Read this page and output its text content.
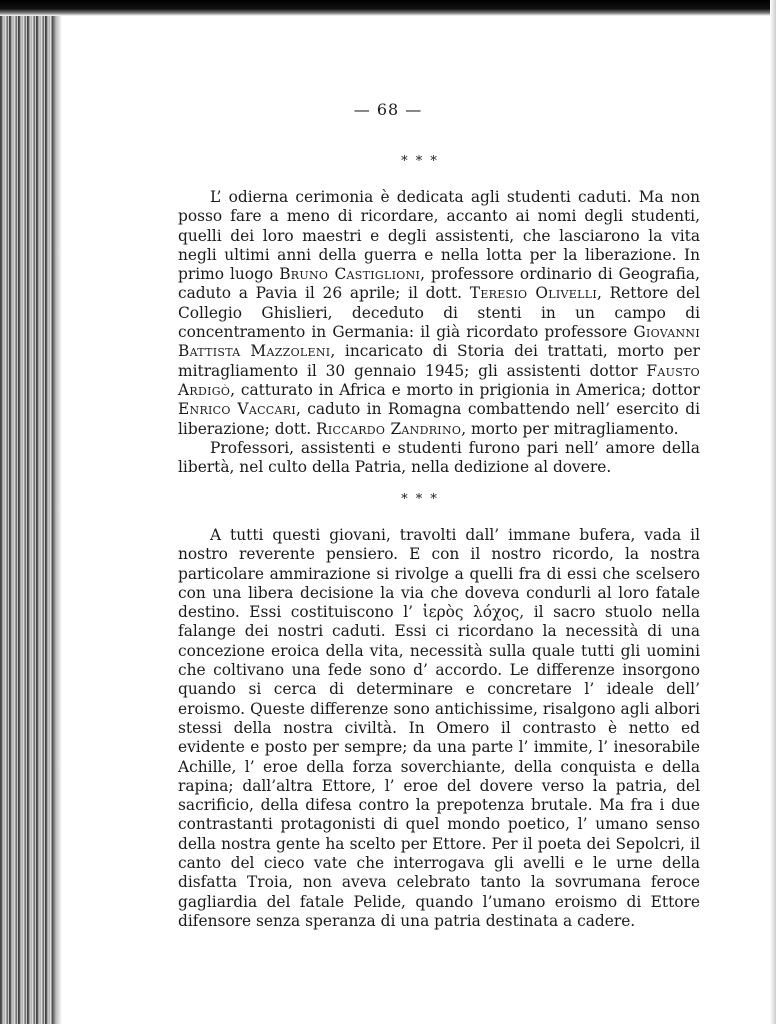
— 68 —
* * *

L’ odierna cerimonia è dedicata agli studenti caduti. Ma non posso fare a meno di ricordare, accanto ai nomi degli studenti, quelli dei loro maestri e degli assistenti, che lasciarono la vita negli ultimi anni della guerra e nella lotta per la liberazione. In primo luogo Bruno Castiglioni, professore ordinario di Geografia, caduto a Pavia il 26 aprile; il dott. Teresio Olivelli, Rettore del Collegio Ghislieri, deceduto di stenti in un campo di concentramento in Germania: il già ricordato professore Giovanni Battista Mazzoleni, incaricato di Storia dei trattati, morto per mitragliamento il 30 gennaio 1945; gli assistenti dottor Fausto Ardigò, catturato in Africa e morto in prigionia in America; dottor Enrico Vaccari, caduto in Romagna combattendo nell’ esercito di liberazione; dott. Riccardo Zandrino, morto per mitragliamento.

Professori, assistenti e studenti furono pari nell’ amore della libertà, nel culto della Patria, nella dedizione al dovere.

* * *

A tutti questi giovani, travolti dall’ immane bufera, vada il nostro reverente pensiero. E con il nostro ricordo, la nostra particolare ammirazione si rivolge a quelli fra di essi che scelsero con una libera decisione la via che doveva condurli al loro fatale destino. Essi costituiscono l’ ἱερὸς λόχος, il sacro stuolo nella falange dei nostri caduti. Essi ci ricordano la necessità di una concezione eroica della vita, necessità sulla quale tutti gli uomini che coltivano una fede sono d’ accordo. Le differenze insorgono quando si cerca di determinare e concretare l’ ideale dell’ eroismo. Queste differenze sono antichissime, risalgono agli albori stessi della nostra civiltà. In Omero il contrasto è netto ed evidente e posto per sempre; da una parte l’ immite, l’ inesorabile Achille, l’ eroe della forza soverchiante, della conquista e della rapina; dall’altra Ettore, l’ eroe del dovere verso la patria, del sacrificio, della difesa contro la prepotenza brutale. Ma fra i due contrastanti protagonisti di quel mondo poetico, l’ umano senso della nostra gente ha scelto per Ettore. Per il poeta dei Sepolcri, il canto del cieco vate che interrogava gli avelli e le urne della disfatta Troia, non aveva celebrato tanto la sovrumana feroce gagliardia del fatale Pelide, quando l’umano eroismo di Ettore difensore senza speranza di una patria destinata a cadere.
